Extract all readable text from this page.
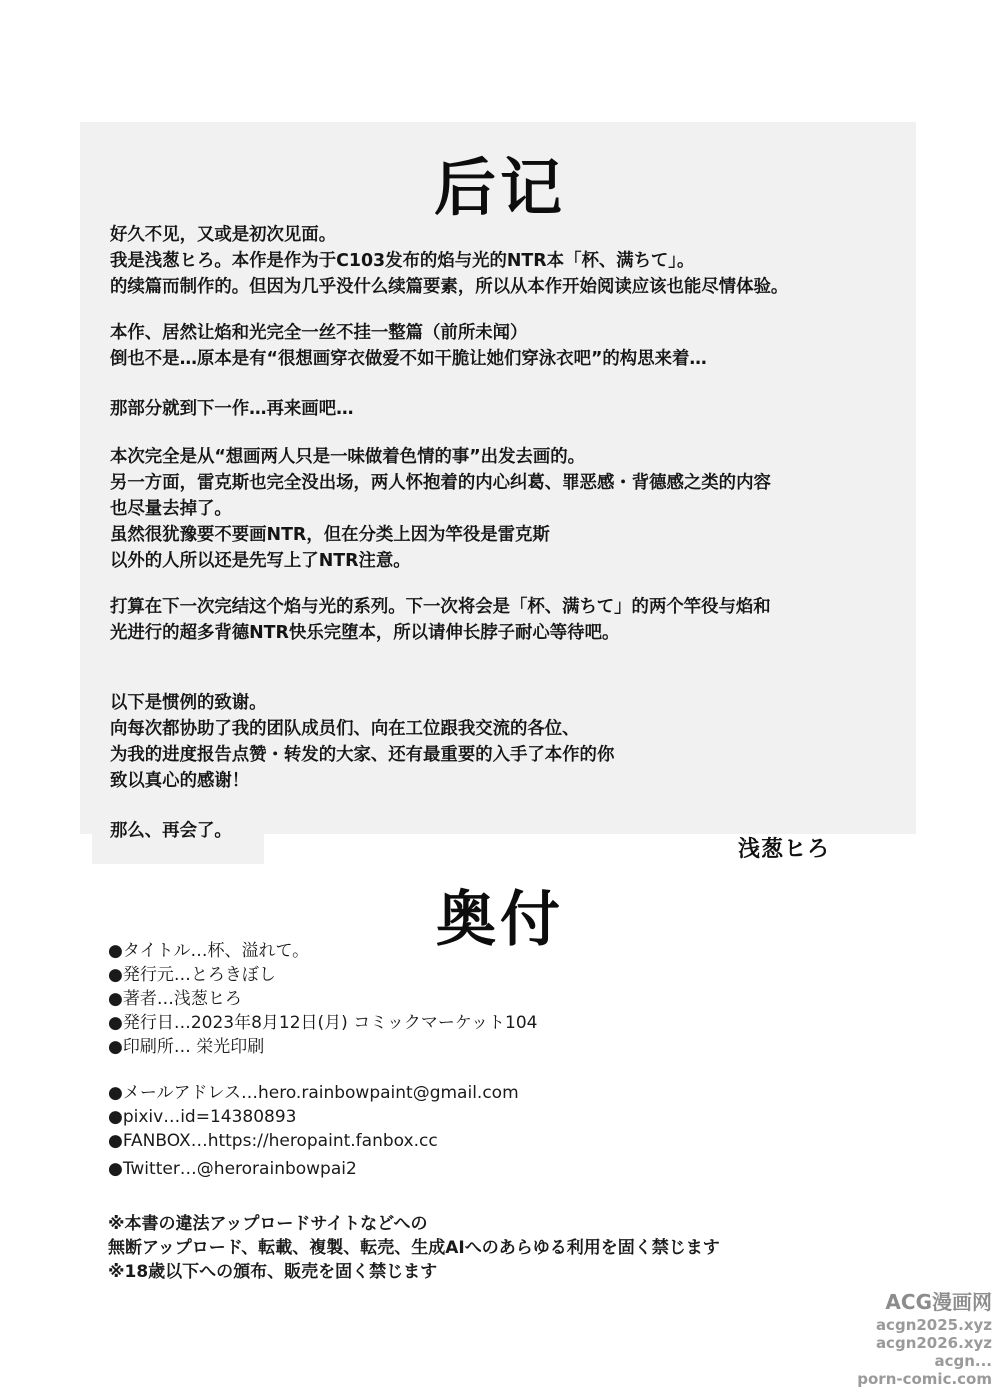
后记
好久不见，又或是初次见面。
我是浅葱ヒろ。本作是作为于C103发布的焰与光的NTR本「杯、满ちて」。
的续篇而制作的。但因为几乎没什么续篇要素，所以从本作开始阅读应该也能尽情体验。
本作、居然让焰和光完全一丝不挂一整篇（前所未闻）
倒也不是…原本是有“很想画穿衣做爱不如干脆让她们穿泳衣吧”的构思来着…
那部分就到下一作…再来画吧…
本次完全是从“想画两人只是一味做着色情的事”出发去画的。
另一方面，雷克斯也完全没出场，两人怀抱着的内心纠葛、罪恶感・背德感之类的内容
也尽量去掉了。
虽然很犹豫要不要画NTR，但在分类上因为竿役是雷克斯
以外的人所以还是先写上了NTR注意。
打算在下一次完结这个焰与光的系列。下一次将会是「杯、满ちて」的两个竿役与焰和
光进行的超多背德NTR快乐完堕本，所以请伸长脖子耐心等待吧。
以下是惯例的致谢。
向每次都协助了我的团队成员们、向在工位跟我交流的各位、
为我的进度报告点赞・转发的大家、还有最重要的入手了本作的你
致以真心的感谢！
那么、再会了。
浅葱ヒろ
奥付
●タイトル…杯、溢れて。
●発行元…とろきぼし
●著者…浅葱ヒろ
●発行日…2023年8月12日(月) コミックマーケット104
●印刷所… 栄光印刷
●メールアドレス…hero.rainbowpaint@gmail.com
●pixiv…id=14380893
●FANBOX…https://heropaint.fanbox.cc
●Twitter…@herorainbowpai2
※本書の違法アップロードサイトなどへの
無断アップロード、転載、複製、転売、生成AIへのあらゆる利用を固く禁じます
※18歳以下への頒布、販売を固く禁じます
ACG漫画网
acgn2025.xyz
acgn2026.xyz
acgn...
porn-comic.com
